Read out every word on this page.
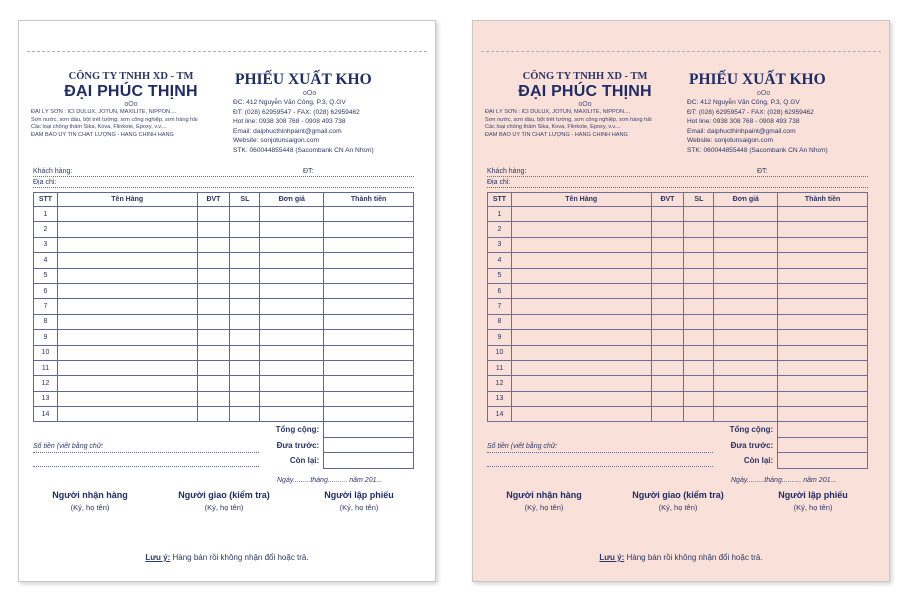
CÔNG TY TNHH XD - TM
ĐẠI PHÚC THỊNH
oOo
ĐẠI LÝ SƠN : ICI DULUX, JOTUN, MAXILITE, NIPPON....
Sơn nước, sơn dầu, bột trét tường, sơn công nghiệp, sơn hàng hải
Các loại chống thấm Sika, Kova, Flinkote, Epoxy, v.v....
ĐẢM BẢO UY TÍN CHẤT LƯỢNG - HÀNG CHÍNH HÃNG
PHIẾU XUẤT KHO
oOo
ĐC: 412 Nguyễn Văn Công, P.3, Q.GV
ĐT: (028) 62959547 - FAX: (028) 62959462
Hot line: 0938 308 768 - 0908 493 738
Email: daiphucthinhpaint@gmail.com
Website: sonjotunsaigon.com
STK: 060044855448 (Sacombank CN An Nhơn)
Khách hàng:	ĐT:
Địa chỉ:
STT	Tên Hàng	ĐVT	SL	Đơn giá	Thành tiền
1					
2					
3					
4					
5					
6					
7					
8					
9					
10					
11					
12					
13					
14					
				Tổng cộng:	
				Đưa trước:	
				Còn lại:	
Số tiền (viết bằng chữ:
Ngày.........tháng.......... năm 201...
Người nhận hàng
(Ký, họ tên)
Người giao (kiểm tra)
(Ký, họ tên)
Người lập phiếu
(Ký, họ tên)
Lưu ý: Hàng bán rồi không nhận đổi hoặc trả.
CÔNG TY TNHH XD - TM
ĐẠI PHÚC THỊNH
oOo
ĐẠI LÝ SƠN : ICI DULUX, JOTUN, MAXILITE, NIPPON....
Sơn nước, sơn dầu, bột trét tường, sơn công nghiệp, sơn hàng hải
Các loại chống thấm Sika, Kova, Flinkote, Epoxy, v.v....
ĐẢM BẢO UY TÍN CHẤT LƯỢNG - HÀNG CHÍNH HÃNG
PHIẾU XUẤT KHO
oOo
ĐC: 412 Nguyễn Văn Công, P.3, Q.GV
ĐT: (028) 62959547 - FAX: (028) 62959462
Hot line: 0938 308 768 - 0908 493 738
Email: daiphucthinhpaint@gmail.com
Website: sonjotunsaigon.com
STK: 060044855448 (Sacombank CN An Nhơn)
Khách hàng:	ĐT:
Địa chỉ:
STT	Tên Hàng	ĐVT	SL	Đơn giá	Thành tiền
1					
2					
3					
4					
5					
6					
7					
8					
9					
10					
11					
12					
13					
14					
				Tổng cộng:	
				Đưa trước:	
				Còn lại:	
Số tiền (viết bằng chữ:
Ngày.........tháng.......... năm 201...
Người nhận hàng
(Ký, họ tên)
Người giao (kiểm tra)
(Ký, họ tên)
Người lập phiếu
(Ký, họ tên)
Lưu ý: Hàng bán rồi không nhận đổi hoặc trả.
